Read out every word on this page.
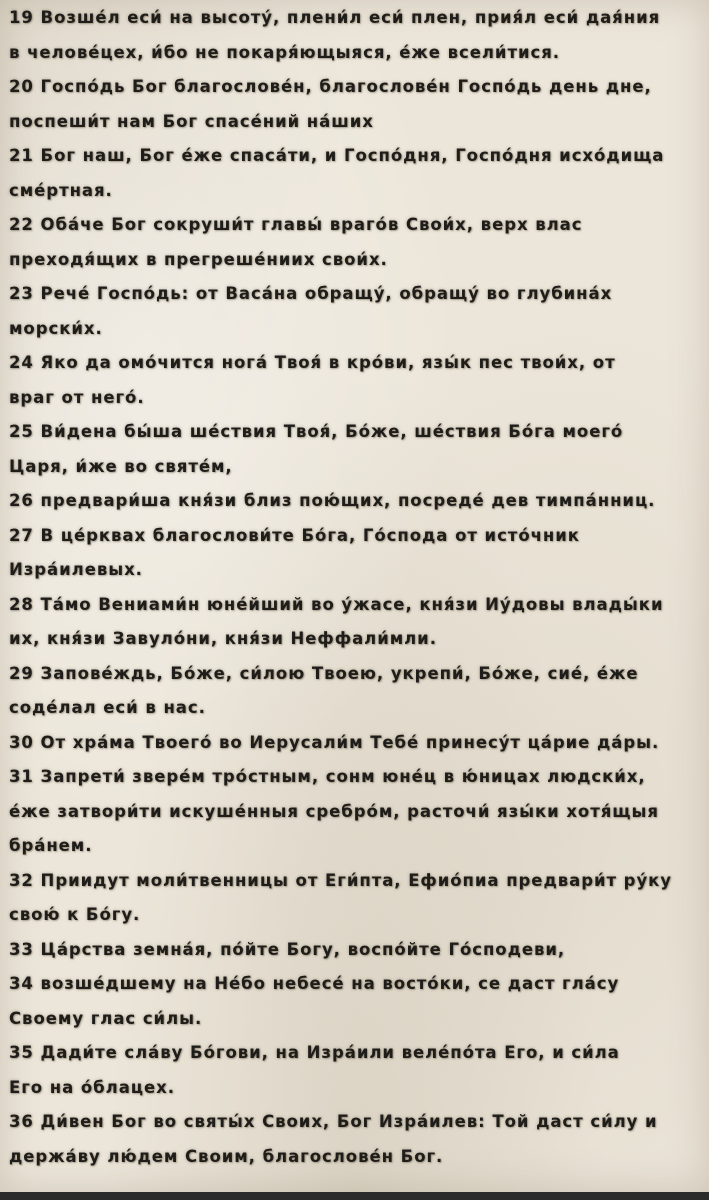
19 Возше́л еси́ на высоту́, плени́л еси́ плен, прия́л еси́ дая́ния
в челове́цех, и́бо не покаря́ющыяся, е́же всели́тися.
20 Госпо́дь Бог благослове́н, благослове́н Госпо́дь день дне,
поспеши́т нам Бог спасе́ний на́ших
21 Бог наш, Бог е́же спаса́ти, и Госпо́дня, Госпо́дня исхо́дища
сме́ртная.
22 Оба́че Бог сокруши́т главы́ враго́в Свои́х, верх влас
преходя́щих в прегреше́ниих свои́х.
23 Рече́ Госпо́дь: от Васа́на обращу́, обращу́ во глубина́х
морски́х.
24 Яко да омо́чится нога́ Твоя́ в кро́ви, язы́к пес твои́х, от
враг от него́.
25 Ви́дена бы́ша ше́ствия Твоя́, Бо́же, ше́ствия Бо́га моего́
Царя, и́же во святе́м,
26 предвари́ша кня́зи близ пою́щих, посреде́ дев тимпа́нниц.
27 В це́рквах благослови́те Бо́га, Го́спода от исто́чник
Изра́илевых.
28 Та́мо Вениами́н юне́йший во у́жасе, кня́зи Иу́довы влады́ки
их, кня́зи Завуло́ни, кня́зи Неффали́мли.
29 Запове́ждь, Бо́же, си́лою Твоею, укрепи́, Бо́же, сие́, е́же
соде́лал еси́ в нас.
30 От хра́ма Твоего́ во Иерусали́м Тебе́ принесу́т ца́рие да́ры.
31 Запрети́ звере́м тро́стным, сонм юне́ц в ю́ницах людски́х,
е́же затвори́ти искуше́нныя сребро́м, расточи́ язы́ки хотя́щыя
бра́нем.
32 Приидут моли́твенницы от Еги́пта, Ефио́пиа предвари́т ру́ку
свою́ к Бо́гу.
33 Ца́рства земна́я, по́йте Богу, воспо́йте Го́сподеви,
34 возше́дшему на Не́бо небесе́ на восто́ки, се даст гла́су
Своему глас си́лы.
35 Дади́те сла́ву Бо́гови, на Изра́или веле́по́та Его, и си́ла
Его на о́блацех.
36 Ди́вен Бог во святы́х Своих, Бог Изра́илев: Той даст си́лу и
держа́ву лю́дем Своим, благослове́н Бог.
